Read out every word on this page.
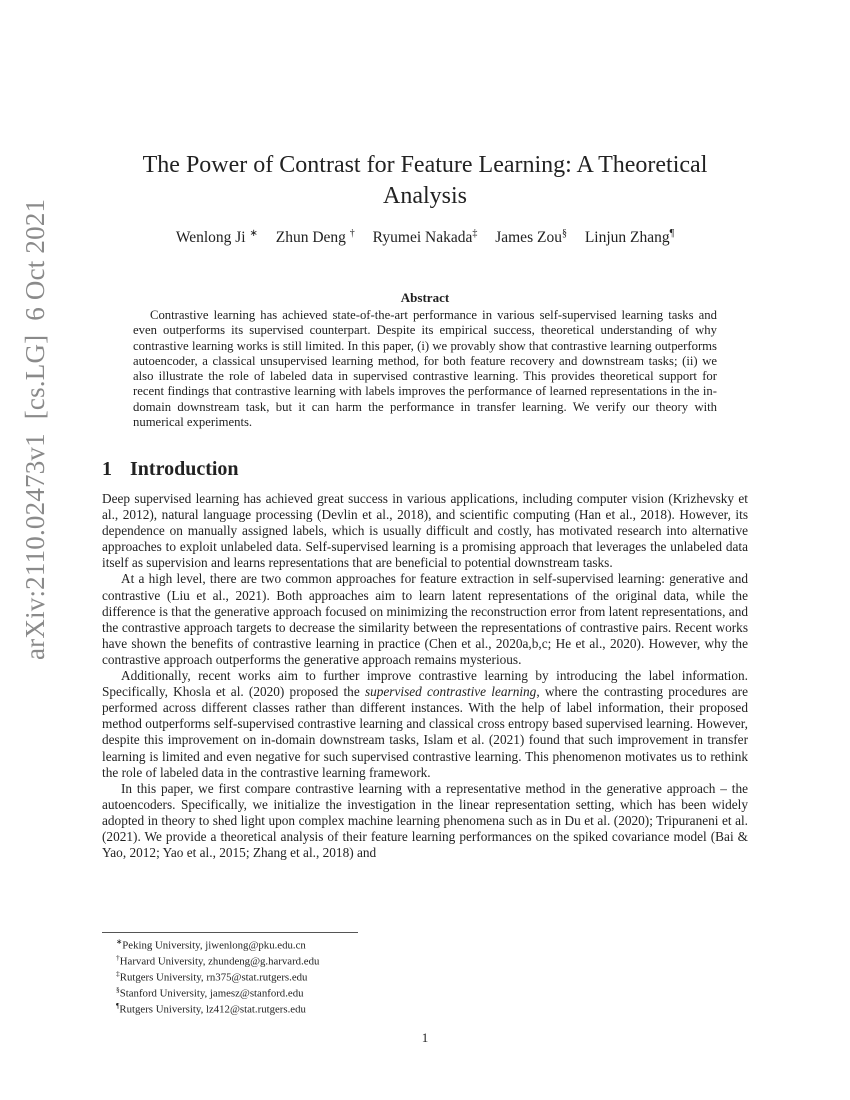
arXiv:2110.02473v1  [cs.LG]  6 Oct 2021
The Power of Contrast for Feature Learning: A Theoretical Analysis
Wenlong Ji ∗ Zhun Deng † Ryumei Nakada‡ James Zou§ Linjun Zhang¶
Abstract
Contrastive learning has achieved state-of-the-art performance in various self-supervised learning tasks and even outperforms its supervised counterpart. Despite its empirical success, theoretical understanding of why contrastive learning works is still limited. In this paper, (i) we provably show that contrastive learning outperforms autoencoder, a classical unsupervised learning method, for both feature recovery and downstream tasks; (ii) we also illustrate the role of labeled data in supervised contrastive learning. This provides theoretical support for recent findings that contrastive learning with labels improves the performance of learned representations in the in-domain downstream task, but it can harm the performance in transfer learning. We verify our theory with numerical experiments.
1 Introduction

Deep supervised learning has achieved great success in various applications, including computer vision (Krizhevsky et al., 2012), natural language processing (Devlin et al., 2018), and scientific computing (Han et al., 2018). However, its dependence on manually assigned labels, which is usually difficult and costly, has motivated research into alternative approaches to exploit unlabeled data. Self-supervised learning is a promising approach that leverages the unlabeled data itself as supervision and learns representations that are beneficial to potential downstream tasks.

At a high level, there are two common approaches for feature extraction in self-supervised learning: generative and contrastive (Liu et al., 2021). Both approaches aim to learn latent representations of the original data, while the difference is that the generative approach focused on minimizing the reconstruction error from latent representations, and the contrastive approach targets to decrease the similarity between the representations of contrastive pairs. Recent works have shown the benefits of contrastive learning in practice (Chen et al., 2020a,b,c; He et al., 2020). However, why the contrastive approach outperforms the generative approach remains mysterious.

Additionally, recent works aim to further improve contrastive learning by introducing the label information. Specifically, Khosla et al. (2020) proposed the supervised contrastive learning, where the contrasting procedures are performed across different classes rather than different instances. With the help of label information, their proposed method outperforms self-supervised contrastive learning and classical cross entropy based supervised learning. However, despite this improvement on in-domain downstream tasks, Islam et al. (2021) found that such improvement in transfer learning is limited and even negative for such supervised contrastive learning. This phenomenon motivates us to rethink the role of labeled data in the contrastive learning framework.

In this paper, we first compare contrastive learning with a representative method in the generative approach – the autoencoders. Specifically, we initialize the investigation in the linear representation setting, which has been widely adopted in theory to shed light upon complex machine learning phenomena such as in Du et al. (2020); Tripuraneni et al. (2021). We provide a theoretical analysis of their feature learning performances on the spiked covariance model (Bai & Yao, 2012; Yao et al., 2015; Zhang et al., 2018) and

∗Peking University, jiwenlong@pku.edu.cn
†Harvard University, zhundeng@g.harvard.edu
‡Rutgers University, rn375@stat.rutgers.edu
§Stanford University, jamesz@stanford.edu
¶Rutgers University, lz412@stat.rutgers.edu
1
